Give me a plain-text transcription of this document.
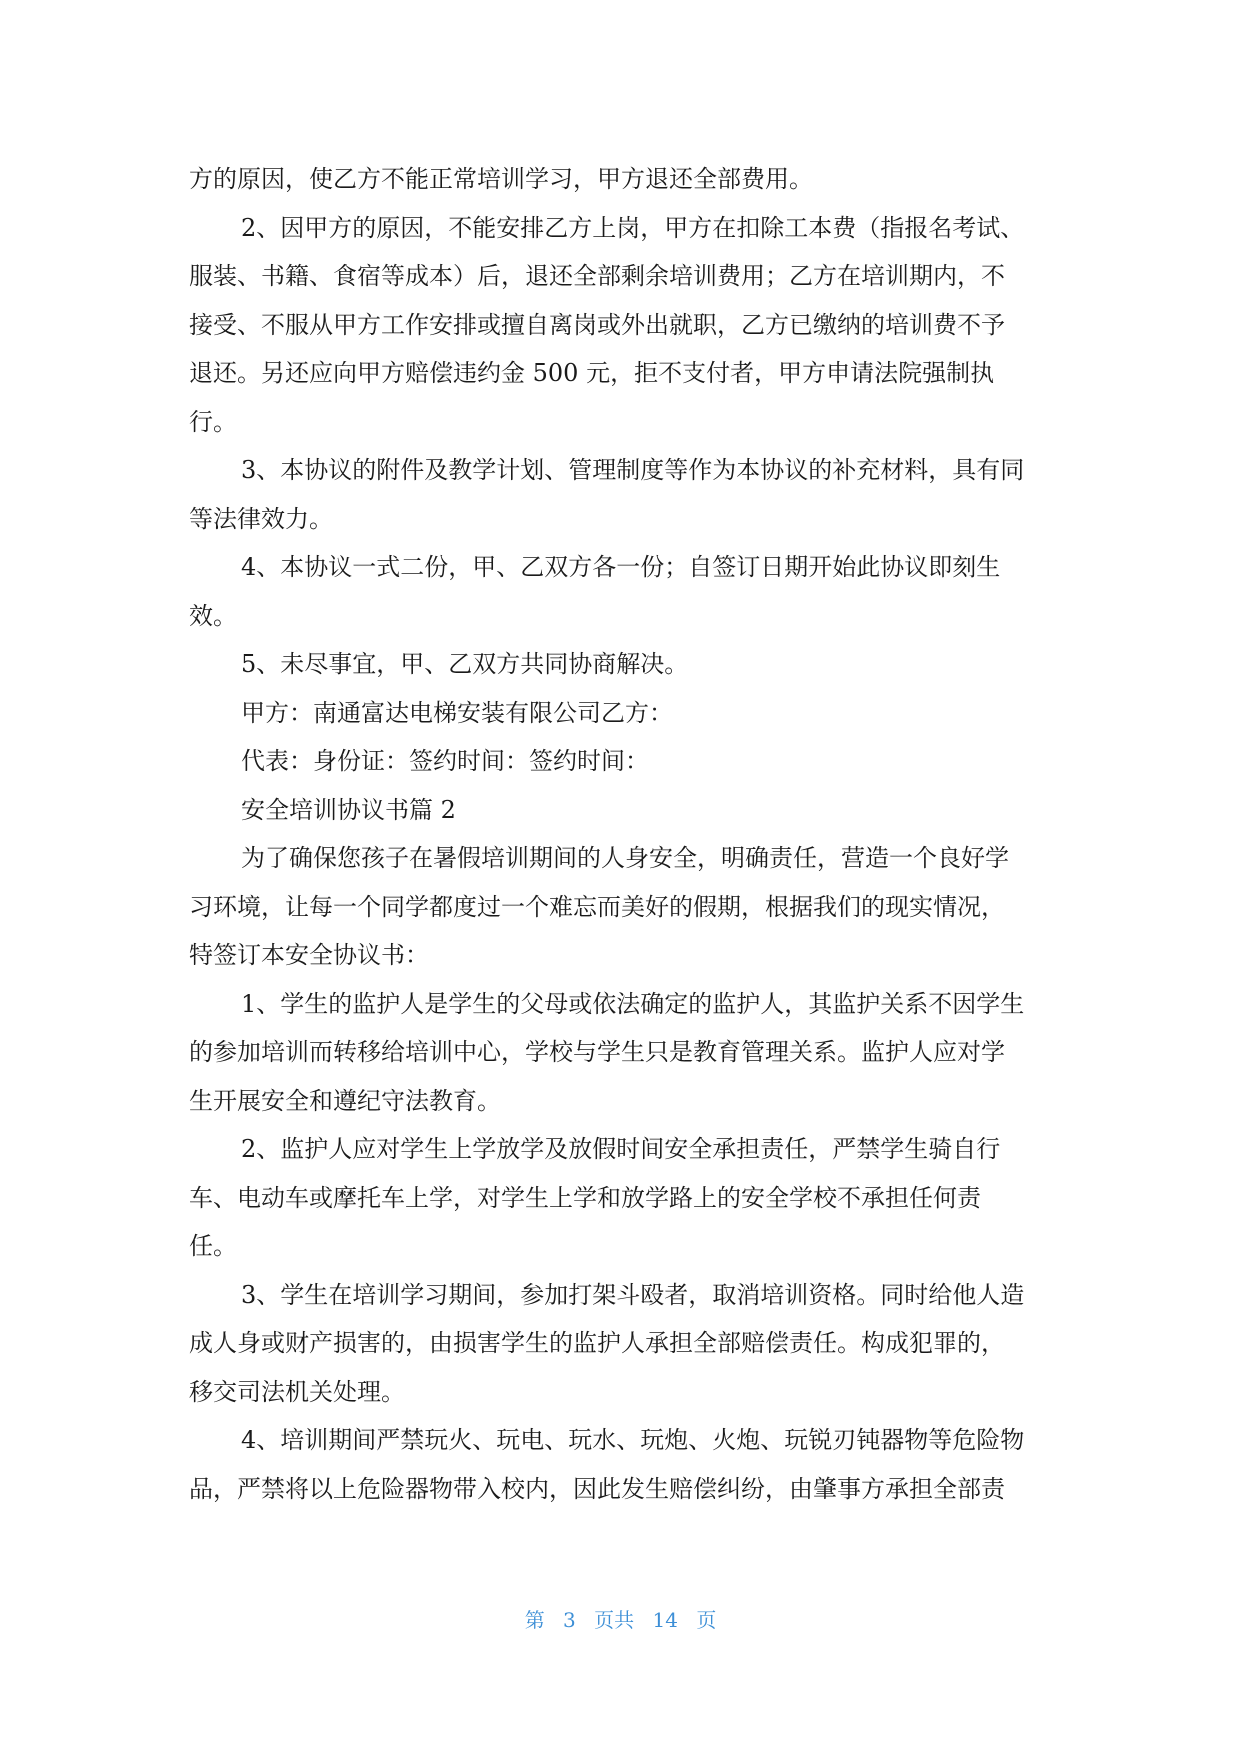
方的原因，使乙方不能正常培训学习，甲方退还全部费用。
2、因甲方的原因，不能安排乙方上岗，甲方在扣除工本费（指报名考试、
服装、书籍、食宿等成本）后，退还全部剩余培训费用；乙方在培训期内，不
接受、不服从甲方工作安排或擅自离岗或外出就职，乙方已缴纳的培训费不予
退还。另还应向甲方赔偿违约金 500 元，拒不支付者，甲方申请法院强制执
行。
3、本协议的附件及教学计划、管理制度等作为本协议的补充材料，具有同
等法律效力。
4、本协议一式二份，甲、乙双方各一份；自签订日期开始此协议即刻生
效。
5、未尽事宜，甲、乙双方共同协商解决。
甲方：南通富达电梯安装有限公司乙方：
代表：身份证：签约时间：签约时间：
安全培训协议书篇 2
为了确保您孩子在暑假培训期间的人身安全，明确责任，营造一个良好学
习环境，让每一个同学都度过一个难忘而美好的假期，根据我们的现实情况，
特签订本安全协议书：
1、学生的监护人是学生的父母或依法确定的监护人，其监护关系不因学生
的参加培训而转移给培训中心，学校与学生只是教育管理关系。监护人应对学
生开展安全和遵纪守法教育。
2、监护人应对学生上学放学及放假时间安全承担责任，严禁学生骑自行
车、电动车或摩托车上学，对学生上学和放学路上的安全学校不承担任何责
任。
3、学生在培训学习期间，参加打架斗殴者，取消培训资格。同时给他人造
成人身或财产损害的，由损害学生的监护人承担全部赔偿责任。构成犯罪的，
移交司法机关处理。
4、培训期间严禁玩火、玩电、玩水、玩炮、火炮、玩锐刃钝器物等危险物
品，严禁将以上危险器物带入校内，因此发生赔偿纠纷，由肇事方承担全部责
第 3 页共 14 页
